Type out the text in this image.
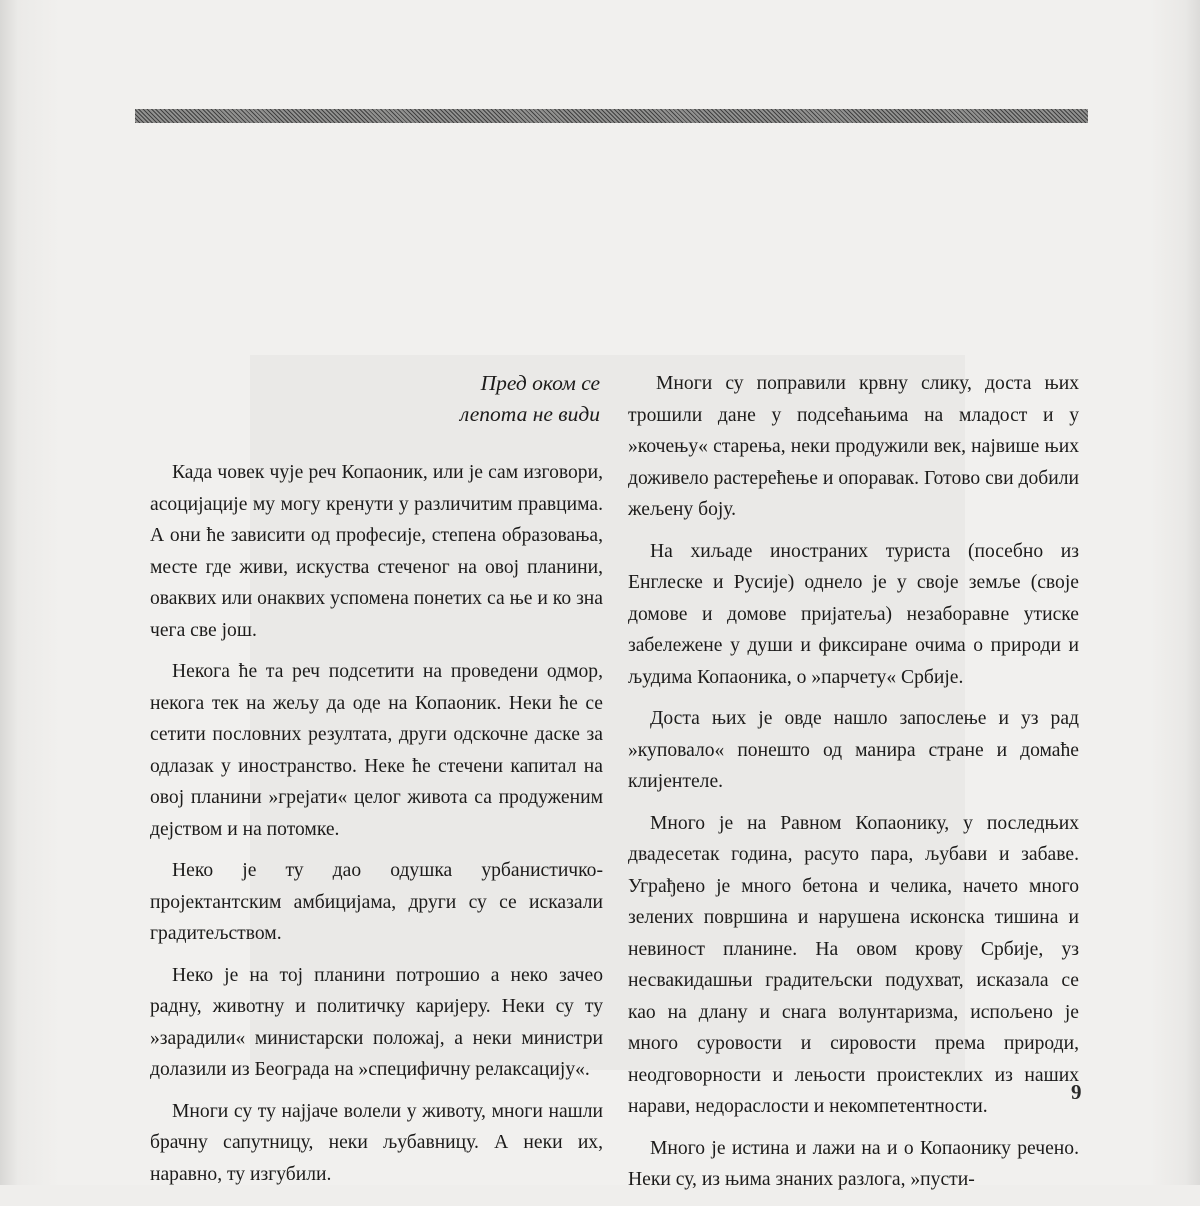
Пред оком се
лепота не види

Када човек чује реч Копаоник, или је сам изговори, асоцијације му могу кренути у различитим правцима. А они ће зависити од професије, степена образовања, месте где живи, искуства стеченог на овој планини, оваквих или онаквих успомена понетих са ње и ко зна чега све још.

Некога ће та реч подсетити на проведени одмор, некога тек на жељу да оде на Копаоник. Неки ће се сетити пословних резултата, други одскочне даске за одлазак у иностранство. Неке ће стечени капитал на овој планини »грејати« целог живота са продуженим дејством и на потомке.

Неко је ту дао одушка урбанистичко-пројектантским амбицијама, други су се исказали градитељством.

Неко је на тој планини потрошио а неко зачео радну, животну и политичку каријеру. Неки су ту »зарадили« министарски положај, а неки министри долазили из Београда на »специфичну релаксацију«.

Многи су ту најјаче волели у животу, многи нашли брачну сапутницу, неки љубавницу. А неки их, наравно, ту изгубили.

Многи су поправили крвну слику, доста њих трошили дане у подсећањима на младост и у »кочењу« старења, неки продужили век, највише њих доживело растерећење и опоравак. Готово сви добили жељену боју.

На хиљаде иностраних туриста (посебно из Енглеске и Русије) однело је у своје земље (своје домове и домове пријатеља) незаборавне утиске забележене у души и фиксиране очима о природи и људима Копаоника, о »парчету« Србије.

Доста њих је овде нашло запослење и уз рад »куповало« понешто од манира стране и домаће клијентеле.

Много је на Равном Копаонику, у последњих двадесетак година, расуто пара, љубави и забаве. Уграђено је много бетона и челика, начето много зелених површина и нарушена исконска тишина и невиност планине. На овом крову Србије, уз несвакидашњи градитељски подухват, исказала се као на длану и снага волунтаризма, испољено је много суровости и сировости према природи, неодговорности и лењости проистеклих из наших нарави, недораслости и некомпетентности.

Много је истина и лажи на и о Копаонику речено. Неки су, из њима знаних разлога, »пусти-

9
